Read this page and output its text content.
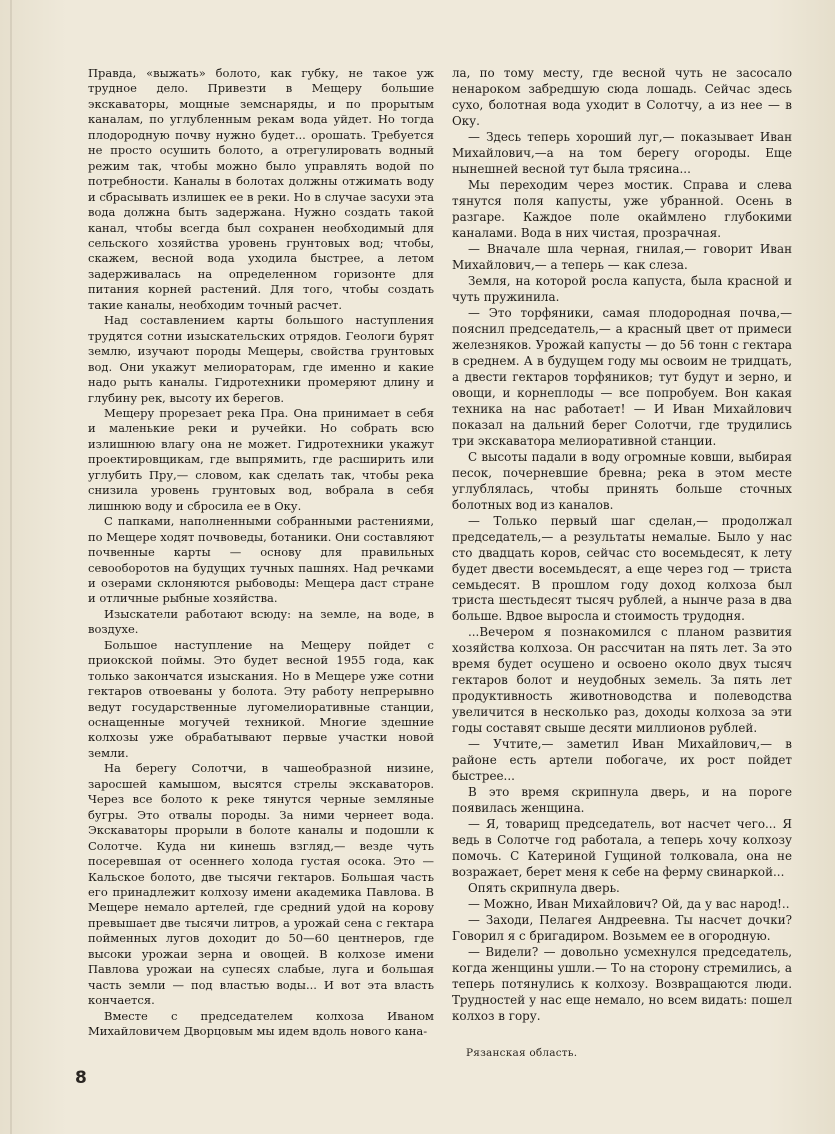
Правда, «выжать» болото, как губку, не такое уж трудное дело. Привезти в Мещеру большие экскаваторы, мощные земснаряды, и по прорытым каналам, по углубленным рекам вода уйдет. Но тогда плодородную почву нужно будет... орошать. Требуется не просто осушить болото, а отрегулировать водный режим так, чтобы можно было управлять водой по потребности. Каналы в болотах должны отжимать воду и сбрасывать излишек ее в реки. Но в случае засухи эта вода должна быть задержана. Нужно создать такой канал, чтобы всегда был сохранен необходимый для сельского хозяйства уровень грунтовых вод; чтобы, скажем, весной вода уходила быстрее, а летом задерживалась на определенном горизонте для питания корней растений. Для того, чтобы создать такие каналы, необходим точный расчет.

Над составлением карты большого наступления трудятся сотни изыскательских отрядов. Геологи бурят землю, изучают породы Мещеры, свойства грунтовых вод. Они укажут мелиораторам, где именно и какие надо рыть каналы. Гидротехники промеряют длину и глубину рек, высоту их берегов.

Мещеру прорезает река Пра. Она принимает в себя и маленькие реки и ручейки. Но собрать всю излишнюю влагу она не может. Гидротехники укажут проектировщикам, где выпрямить, где расширить или углубить Пру,— словом, как сделать так, чтобы река снизила уровень грунтовых вод, вобрала в себя лишнюю воду и сбросила ее в Оку.

С папками, наполненными собранными растениями, по Мещере ходят почвоведы, ботаники. Они составляют почвенные карты — основу для правильных севооборотов на будущих тучных пашнях. Над речками и озерами склоняются рыбоводы: Мещера даст стране и отличные рыбные хозяйства.

Изыскатели работают всюду: на земле, на воде, в воздухе.

Большое наступление на Мещеру пойдет с приокской поймы. Это будет весной 1955 года, как только закончатся изыскания. Но в Мещере уже сотни гектаров отвоеваны у болота. Эту работу непрерывно ведут государственные лугомелиоративные станции, оснащенные могучей техникой. Многие здешние колхозы уже обрабатывают первые участки новой земли.

На берегу Солотчи, в чашеобразной низине, заросшей камышом, высятся стрелы экскаваторов. Через все болото к реке тянутся черные земляные бугры. Это отвалы породы. За ними чернеет вода. Экскаваторы прорыли в болоте каналы и подошли к Солотче. Куда ни кинешь взгляд,— везде чуть посеревшая от осеннего холода густая осока. Это — Кальское болото, две тысячи гектаров. Большая часть его принадлежит колхозу имени академика Павлова. В Мещере немало артелей, где средний удой на корову превышает две тысячи литров, а урожай сена с гектара пойменных лугов доходит до 50—60 центнеров, где высоки урожаи зерна и овощей. В колхозе имени Павлова урожаи на супесях слабые, луга и большая часть земли — под властью воды... И вот эта власть кончается.

Вместе с председателем колхоза Иваном Михайловичем Дворцовым мы идем вдоль нового кана-

ла, по тому месту, где весной чуть не засосало ненароком забредшую сюда лошадь. Сейчас здесь сухо, болотная вода уходит в Солотчу, а из нее — в Оку.

— Здесь теперь хороший луг,— показывает Иван Михайлович,—а на том берегу огороды. Еще нынешней весной тут была трясина...

Мы переходим через мостик. Справа и слева тянутся поля капусты, уже убранной. Осень в разгаре. Каждое поле окаймлено глубокими каналами. Вода в них чистая, прозрачная.

— Вначале шла черная, гнилая,— говорит Иван Михайлович,— а теперь — как слеза.

Земля, на которой росла капуста, была красной и чуть пружинила.

— Это торфяники, самая плодородная почва,— пояснил председатель,— а красный цвет от примеси железняков. Урожай капусты — до 56 тонн с гектара в среднем. А в будущем году мы освоим не тридцать, а двести гектаров торфяников; тут будут и зерно, и овощи, и корнеплоды — все попробуем. Вон какая техника на нас работает! — И Иван Михайлович показал на дальний берег Солотчи, где трудились три экскаватора мелиоративной станции.

С высоты падали в воду огромные ковши, выбирая песок, почерневшие бревна; река в этом месте углублялась, чтобы принять больше сточных болотных вод из каналов.

— Только первый шаг сделан,— продолжал председатель,— а результаты немалые. Было у нас сто двадцать коров, сейчас сто восемьдесят, к лету будет двести восемьдесят, а еще через год — триста семьдесят. В прошлом году доход колхоза был триста шестьдесят тысяч рублей, а нынче раза в два больше. Вдвое выросла и стоимость трудодня.

...Вечером я познакомился с планом развития хозяйства колхоза. Он рассчитан на пять лет. За это время будет осушено и освоено около двух тысяч гектаров болот и неудобных земель. За пять лет продуктивность животноводства и полеводства увеличится в несколько раз, доходы колхоза за эти годы составят свыше десяти миллионов рублей.

— Учтите,— заметил Иван Михайлович,— в районе есть артели побогаче, их рост пойдет быстрее...

В это время скрипнула дверь, и на пороге появилась женщина.

— Я, товарищ председатель, вот насчет чего... Я ведь в Солотче год работала, а теперь хочу колхозу помочь. С Катериной Гущиной толковала, она не возражает, берет меня к себе на ферму свинаркой...

Опять скрипнула дверь.

— Можно, Иван Михайлович? Ой, да у вас народ!..

— Заходи, Пелагея Андреевна. Ты насчет дочки? Говорил я с бригадиром. Возьмем ее в огородную.

— Видели? — довольно усмехнулся председатель, когда женщины ушли.— То на сторону стремились, а теперь потянулись к колхозу. Возвращаются люди. Трудностей у нас еще немало, но всем видать: пошел колхоз в гору.

Рязанская область.
8
